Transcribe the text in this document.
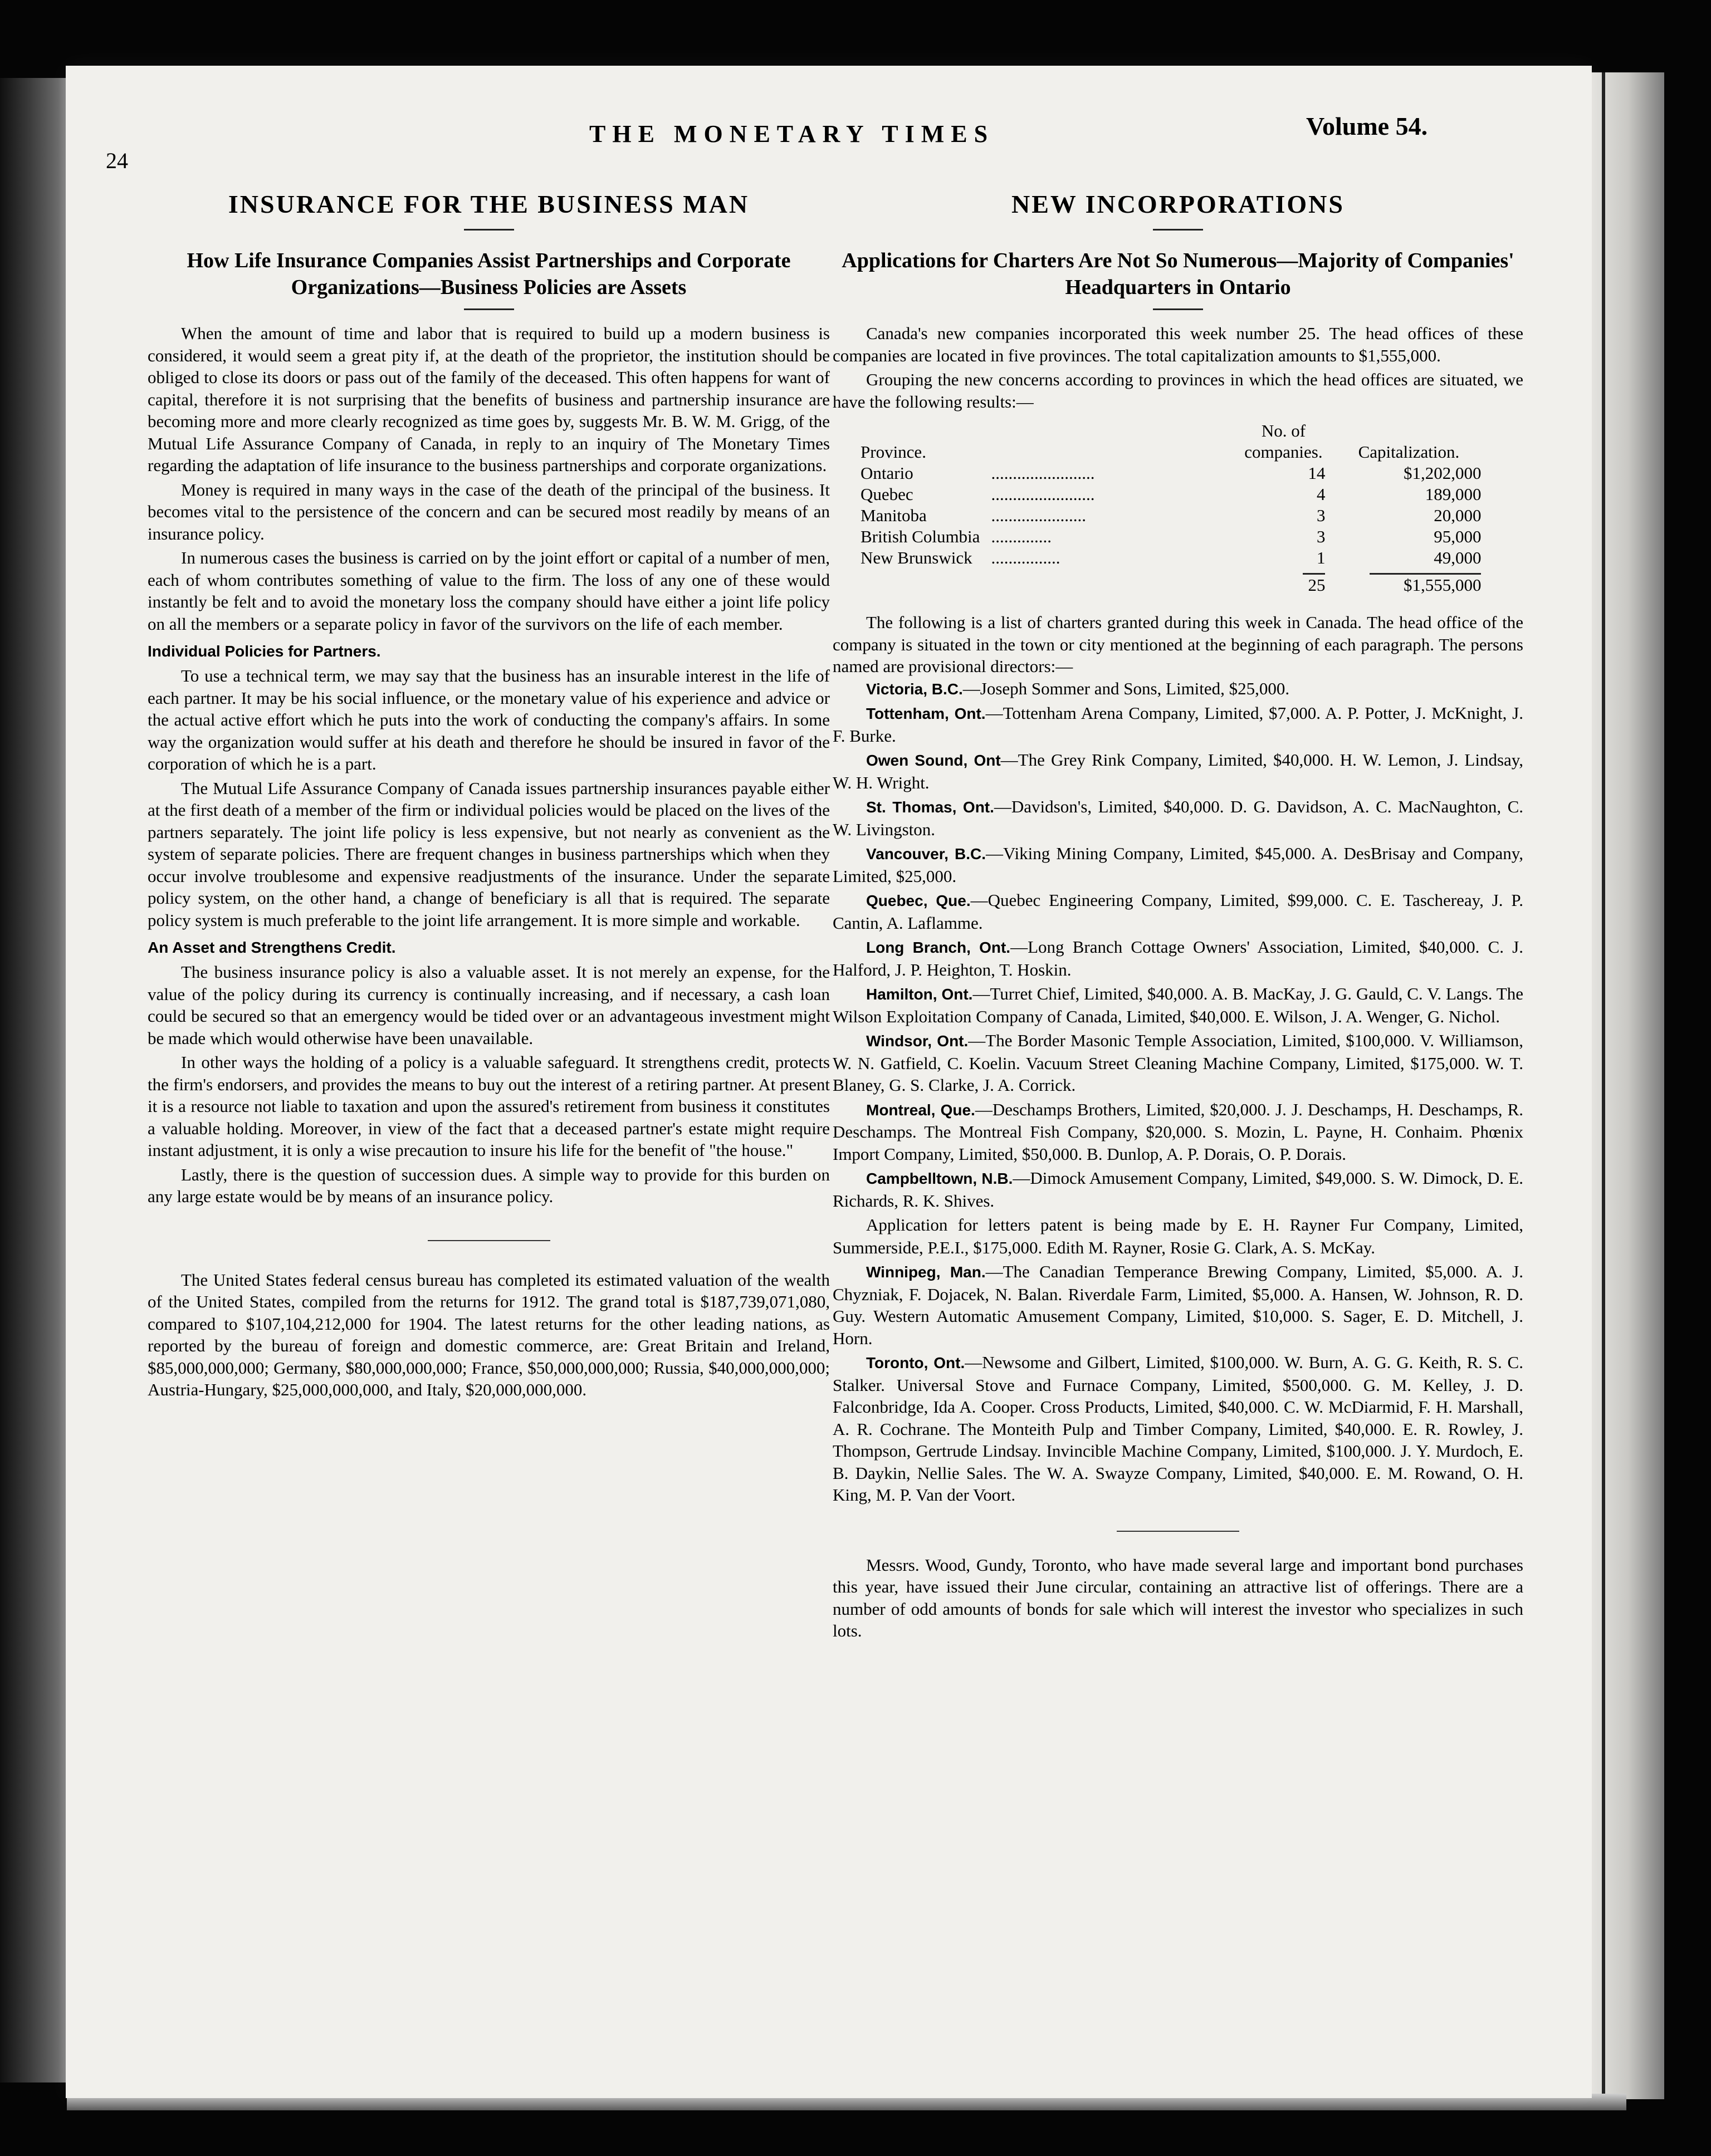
24
THE MONETARY TIMES	Volume 54.
INSURANCE FOR THE BUSINESS MAN
How Life Insurance Companies Assist Partnerships and Corporate Organizations—Business Policies are Assets

When the amount of time and labor that is required to build up a modern business is considered, it would seem a great pity if, at the death of the proprietor, the institution should be obliged to close its doors or pass out of the family of the deceased. This often happens for want of capital, therefore it is not surprising that the benefits of business and partnership insurance are becoming more and more clearly recognized as time goes by, suggests Mr. B. W. M. Grigg, of the Mutual Life Assurance Company of Canada, in reply to an inquiry of The Monetary Times regarding the adaptation of life insurance to the business partnerships and corporate organizations.

Money is required in many ways in the case of the death of the principal of the business. It becomes vital to the persistence of the concern and can be secured most readily by means of an insurance policy.

In numerous cases the business is carried on by the joint effort or capital of a number of men, each of whom contributes something of value to the firm. The loss of any one of these would instantly be felt and to avoid the monetary loss the company should have either a joint life policy on all the members or a separate policy in favor of the survivors on the life of each member.

Individual Policies for Partners.

To use a technical term, we may say that the business has an insurable interest in the life of each partner. It may be his social influence, or the monetary value of his experience and advice or the actual active effort which he puts into the work of conducting the company's affairs. In some way the organization would suffer at his death and therefore he should be insured in favor of the corporation of which he is a part.

The Mutual Life Assurance Company of Canada issues partnership insurances payable either at the first death of a member of the firm or individual policies would be placed on the lives of the partners separately. The joint life policy is less expensive, but not nearly as convenient as the system of separate policies. There are frequent changes in business partnerships which when they occur involve troublesome and expensive readjustments of the insurance. Under the separate policy system, on the other hand, a change of beneficiary is all that is required. The separate policy system is much preferable to the joint life arrangement. It is more simple and workable.

An Asset and Strengthens Credit.

The business insurance policy is also a valuable asset. It is not merely an expense, for the value of the policy during its currency is continually increasing, and if necessary, a cash loan could be secured so that an emergency would be tided over or an advantageous investment might be made which would otherwise have been unavailable.

In other ways the holding of a policy is a valuable safeguard. It strengthens credit, protects the firm's endorsers, and provides the means to buy out the interest of a retiring partner. At present it is a resource not liable to taxation and upon the assured's retirement from business it constitutes a valuable holding. Moreover, in view of the fact that a deceased partner's estate might require instant adjustment, it is only a wise precaution to insure his life for the benefit of "the house."

Lastly, there is the question of succession dues. A simple way to provide for this burden on any large estate would be by means of an insurance policy.

The United States federal census bureau has completed its estimated valuation of the wealth of the United States, compiled from the returns for 1912. The grand total is $187,739,071,080, compared to $107,104,212,000 for 1904. The latest returns for the other leading nations, as reported by the bureau of foreign and domestic commerce, are: Great Britain and Ireland, $85,000,000,000; Germany, $80,000,000,000; France, $50,000,000,000; Russia, $40,000,000,000; Austria-Hungary, $25,000,000,000, and Italy, $20,000,000,000.

NEW INCORPORATIONS
Applications for Charters Are Not So Numerous—Majority of Companies' Headquarters in Ontario

Canada's new companies incorporated this week number 25. The head offices of these companies are located in five provinces. The total capitalization amounts to $1,555,000.

Grouping the new concerns according to provinces in which the head offices are situated, we have the following results:—

Province.		No. of companies.	Capitalization.
Ontario	........................	14	$1,202,000
Quebec	........................	4	189,000
Manitoba	......................	3	20,000
British Columbia	..............	3	95,000
New Brunswick	................	1	49,000

		25	$1,555,000

The following is a list of charters granted during this week in Canada. The head office of the company is situated in the town or city mentioned at the beginning of each paragraph. The persons named are provisional directors:—

Victoria, B.C.—Joseph Sommer and Sons, Limited, $25,000.

Tottenham, Ont.—Tottenham Arena Company, Limited, $7,000. A. P. Potter, J. McKnight, J. F. Burke.

Owen Sound, Ont—The Grey Rink Company, Limited, $40,000. H. W. Lemon, J. Lindsay, W. H. Wright.

St. Thomas, Ont.—Davidson's, Limited, $40,000. D. G. Davidson, A. C. MacNaughton, C. W. Livingston.

Vancouver, B.C.—Viking Mining Company, Limited, $45,000. A. DesBrisay and Company, Limited, $25,000.

Quebec, Que.—Quebec Engineering Company, Limited, $99,000. C. E. Taschereay, J. P. Cantin, A. Laflamme.

Long Branch, Ont.—Long Branch Cottage Owners' Association, Limited, $40,000. C. J. Halford, J. P. Heighton, T. Hoskin.

Hamilton, Ont.—Turret Chief, Limited, $40,000. A. B. MacKay, J. G. Gauld, C. V. Langs. The Wilson Exploitation Company of Canada, Limited, $40,000. E. Wilson, J. A. Wenger, G. Nichol.

Windsor, Ont.—The Border Masonic Temple Association, Limited, $100,000. V. Williamson, W. N. Gatfield, C. Koelin. Vacuum Street Cleaning Machine Company, Limited, $175,000. W. T. Blaney, G. S. Clarke, J. A. Corrick.

Montreal, Que.—Deschamps Brothers, Limited, $20,000. J. J. Deschamps, H. Deschamps, R. Deschamps. The Montreal Fish Company, $20,000. S. Mozin, L. Payne, H. Conhaim. Phœnix Import Company, Limited, $50,000. B. Dunlop, A. P. Dorais, O. P. Dorais.

Campbelltown, N.B.—Dimock Amusement Company, Limited, $49,000. S. W. Dimock, D. E. Richards, R. K. Shives.

Application for letters patent is being made by E. H. Rayner Fur Company, Limited, Summerside, P.E.I., $175,000. Edith M. Rayner, Rosie G. Clark, A. S. McKay.

Winnipeg, Man.—The Canadian Temperance Brewing Company, Limited, $5,000. A. J. Chyzniak, F. Dojacek, N. Balan. Riverdale Farm, Limited, $5,000. A. Hansen, W. Johnson, R. D. Guy. Western Automatic Amusement Company, Limited, $10,000. S. Sager, E. D. Mitchell, J. Horn.

Toronto, Ont.—Newsome and Gilbert, Limited, $100,000. W. Burn, A. G. G. Keith, R. S. C. Stalker. Universal Stove and Furnace Company, Limited, $500,000. G. M. Kelley, J. D. Falconbridge, Ida A. Cooper. Cross Products, Limited, $40,000. C. W. McDiarmid, F. H. Marshall, A. R. Cochrane. The Monteith Pulp and Timber Company, Limited, $40,000. E. R. Rowley, J. Thompson, Gertrude Lindsay. Invincible Machine Company, Limited, $100,000. J. Y. Murdoch, E. B. Daykin, Nellie Sales. The W. A. Swayze Company, Limited, $40,000. E. M. Rowand, O. H. King, M. P. Van der Voort.

Messrs. Wood, Gundy, Toronto, who have made several large and important bond purchases this year, have issued their June circular, containing an attractive list of offerings. There are a number of odd amounts of bonds for sale which will interest the investor who specializes in such lots.
